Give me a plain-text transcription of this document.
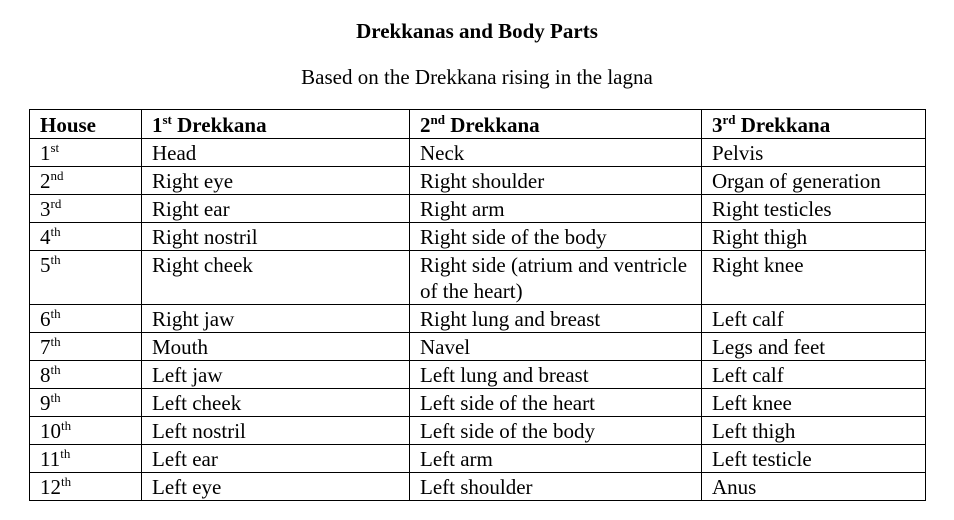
Drekkanas and Body Parts
Based on the Drekkana rising in the lagna
House	1st Drekkana	2nd Drekkana	3rd Drekkana
1st	Head	Neck	Pelvis
2nd	Right eye	Right shoulder	Organ of generation
3rd	Right ear	Right arm	Right testicles
4th	Right nostril	Right side of the body	Right thigh
5th	Right cheek	Right side (atrium and ventricle of the heart)	Right knee
6th	Right jaw	Right lung and breast	Left calf
7th	Mouth	Navel	Legs and feet
8th	Left jaw	Left lung and breast	Left calf
9th	Left cheek	Left side of the heart	Left knee
10th	Left nostril	Left side of the body	Left thigh
11th	Left ear	Left arm	Left testicle
12th	Left eye	Left shoulder	Anus
